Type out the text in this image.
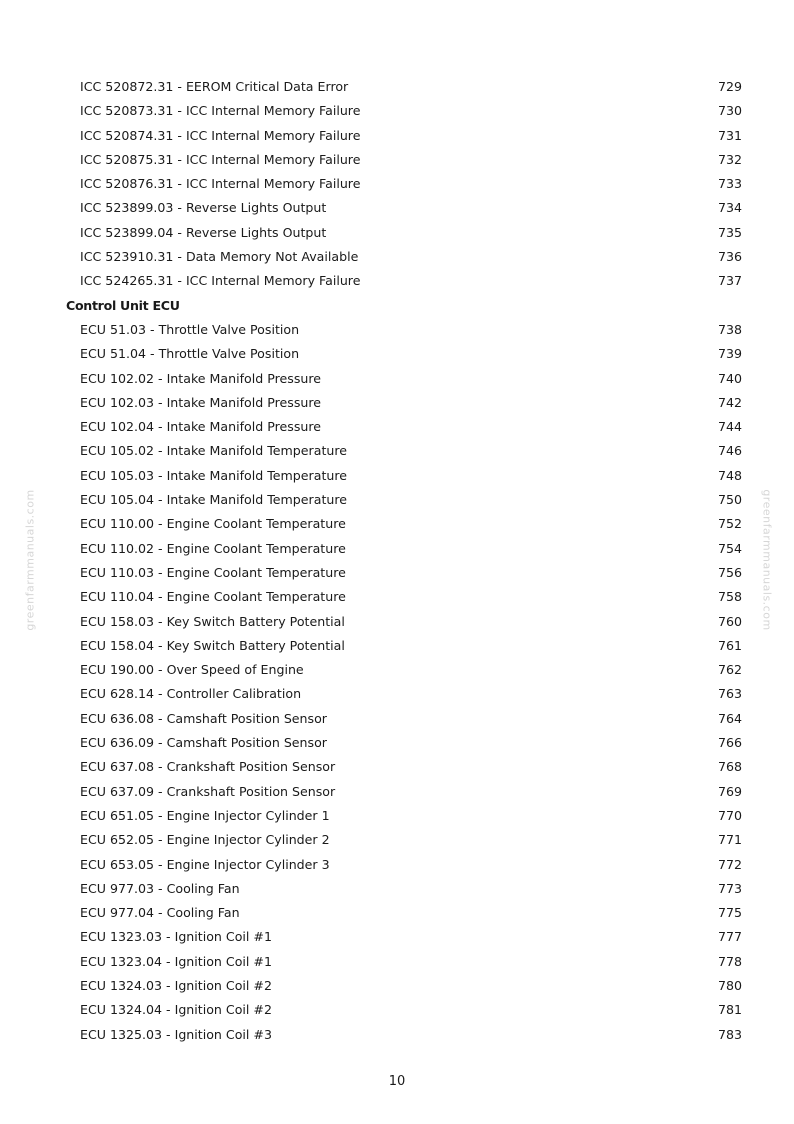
greenfarmmanuals.com	greenfarmmanuals.com
ICC 520872.31 - EEROM Critical Data Error	729
ICC 520873.31 - ICC Internal Memory Failure	730
ICC 520874.31 - ICC Internal Memory Failure	731
ICC 520875.31 - ICC Internal Memory Failure	732
ICC 520876.31 - ICC Internal Memory Failure	733
ICC 523899.03 - Reverse Lights Output	734
ICC 523899.04 - Reverse Lights Output	735
ICC 523910.31 - Data Memory Not Available	736
ICC 524265.31 - ICC Internal Memory Failure	737
Control Unit ECU
ECU 51.03 - Throttle Valve Position	738
ECU 51.04 - Throttle Valve Position	739
ECU 102.02 - Intake Manifold Pressure	740
ECU 102.03 - Intake Manifold Pressure	742
ECU 102.04 - Intake Manifold Pressure	744
ECU 105.02 - Intake Manifold Temperature	746
ECU 105.03 - Intake Manifold Temperature	748
ECU 105.04 - Intake Manifold Temperature	750
ECU 110.00 - Engine Coolant Temperature	752
ECU 110.02 - Engine Coolant Temperature	754
ECU 110.03 - Engine Coolant Temperature	756
ECU 110.04 - Engine Coolant Temperature	758
ECU 158.03 - Key Switch Battery Potential	760
ECU 158.04 - Key Switch Battery Potential	761
ECU 190.00 - Over Speed of Engine	762
ECU 628.14 - Controller Calibration	763
ECU 636.08 - Camshaft Position Sensor	764
ECU 636.09 - Camshaft Position Sensor	766
ECU 637.08 - Crankshaft Position Sensor	768
ECU 637.09 - Crankshaft Position Sensor	769
ECU 651.05 - Engine Injector Cylinder 1	770
ECU 652.05 - Engine Injector Cylinder 2	771
ECU 653.05 - Engine Injector Cylinder 3	772
ECU 977.03 - Cooling Fan	773
ECU 977.04 - Cooling Fan	775
ECU 1323.03 - Ignition Coil #1	777
ECU 1323.04 - Ignition Coil #1	778
ECU 1324.03 - Ignition Coil #2	780
ECU 1324.04 - Ignition Coil #2	781
ECU 1325.03 - Ignition Coil #3	783
10
